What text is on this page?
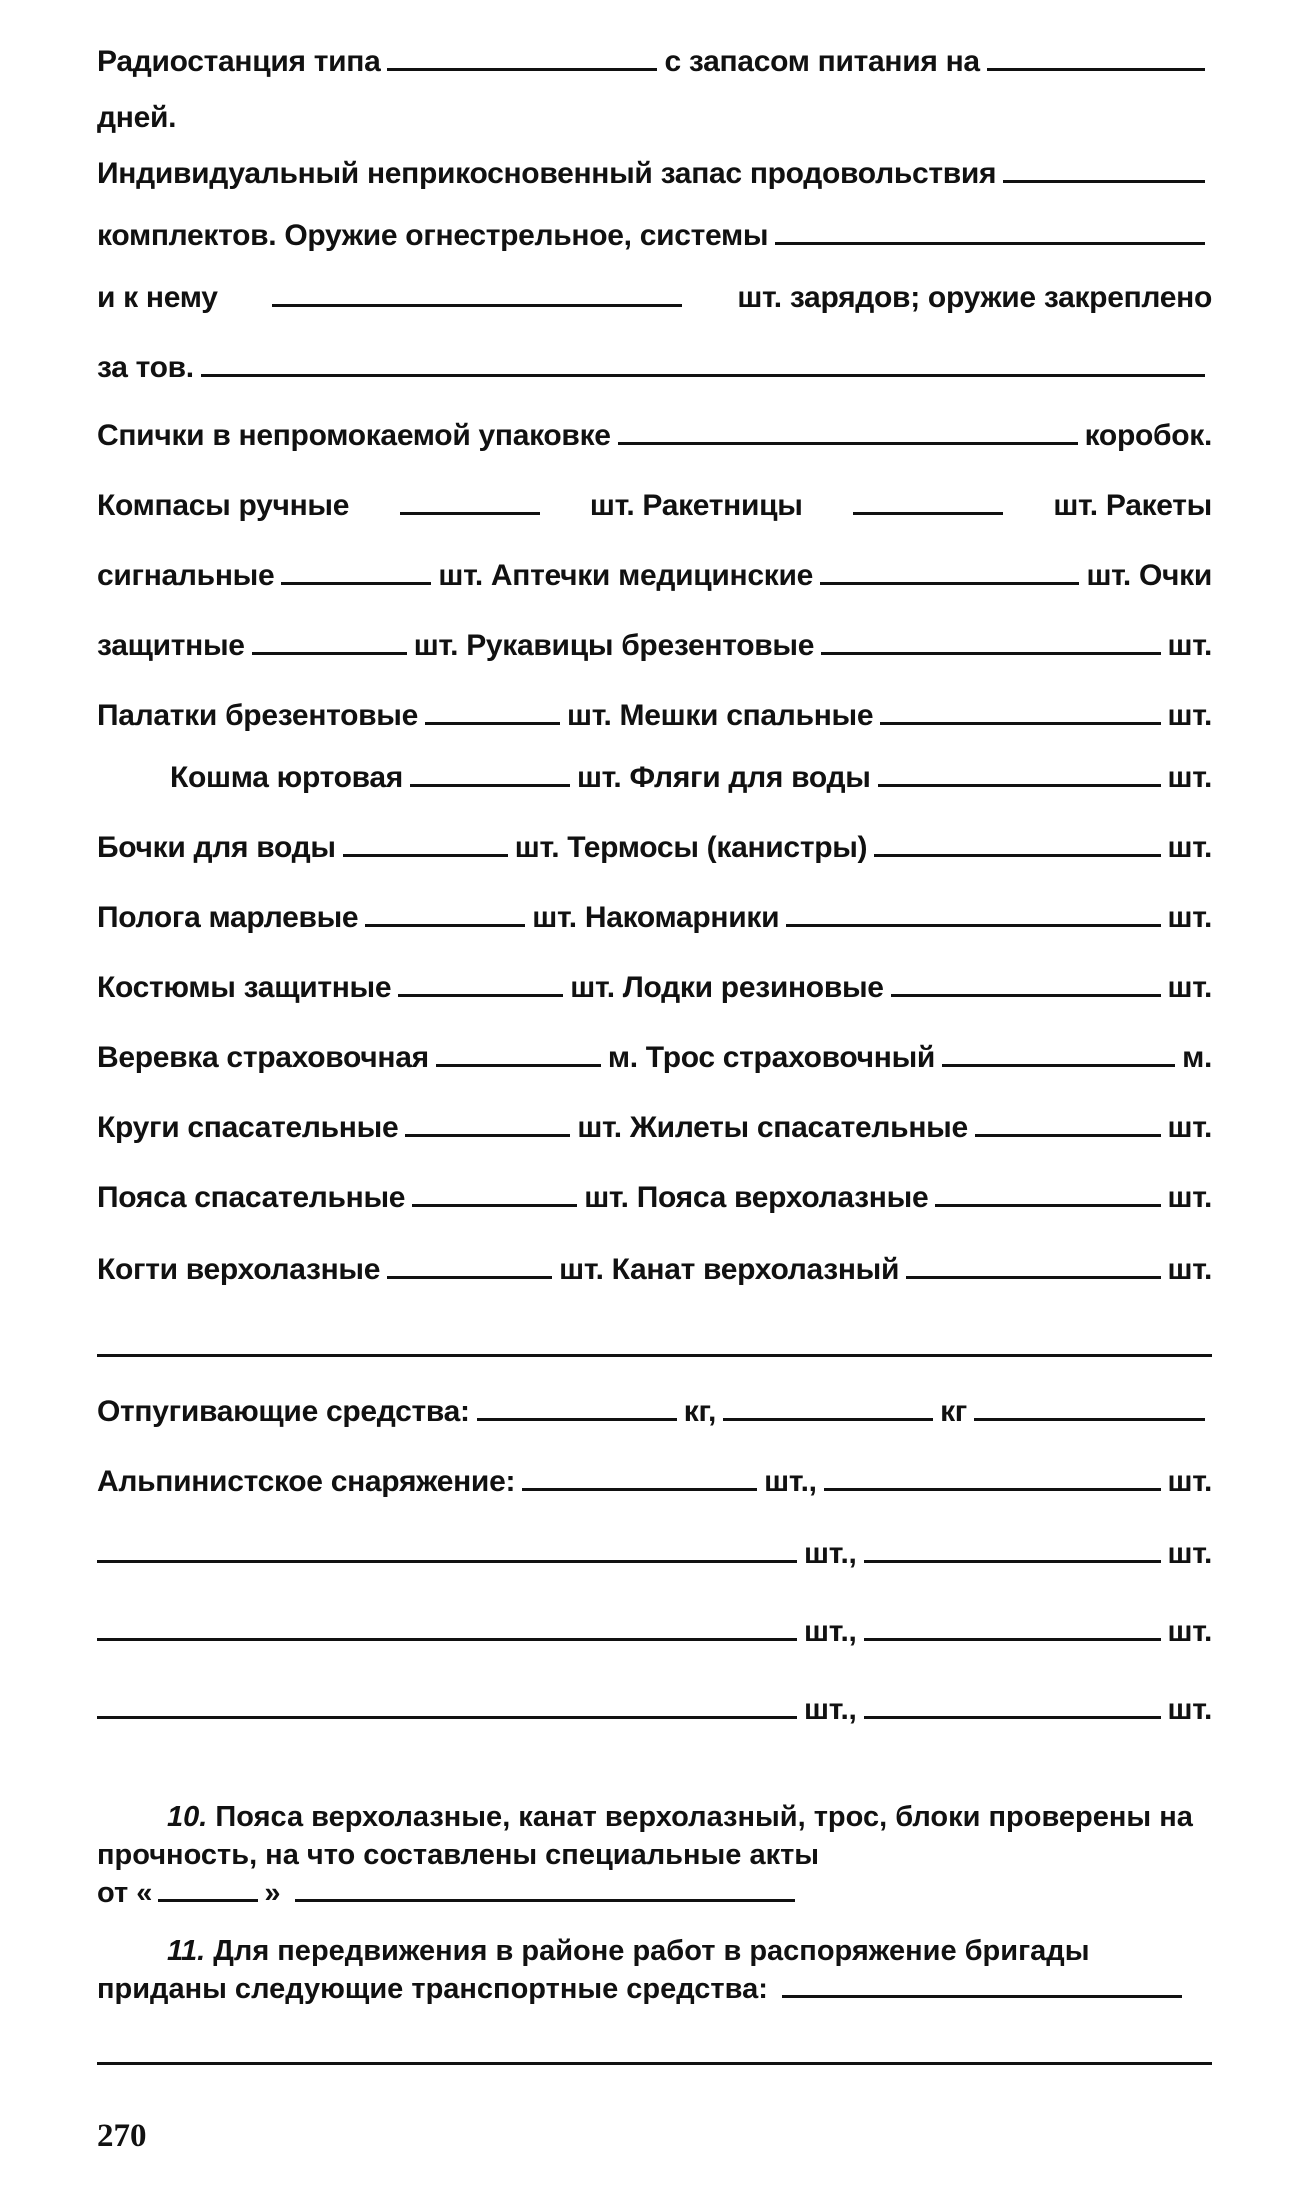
Радиостанция типа	с запасом питания на
дней.
Индивидуальный неприкосновенный запас продовольствия
комплектов. Оружие огнестрельное, системы
и к нему	шт. зарядов; оружие закреплено
за тов.
Спички в непромокаемой упаковке	коробок.
Компасы ручные	шт. Ракетницы	шт. Ракеты
сигнальные	шт. Аптечки медицинские	шт. Очки
защитные	шт. Рукавицы брезентовые	шт.
Палатки брезентовые	шт. Мешки спальные	шт.
Кошма юртовая	шт. Фляги для воды	шт.
Бочки для воды	шт. Термосы (канистры)	шт.
Полога марлевые	шт. Накомарники	шт.
Костюмы защитные	шт. Лодки резиновые	шт.
Веревка страховочная	м. Трос страховочный	м.
Круги спасательные	шт. Жилеты спасательные	шт.
Пояса спасательные	шт. Пояса верхолазные	шт.
Когти верхолазные	шт. Канат верхолазный	шт.
Отпугивающие средства:	кг,	кг
Альпинистское снаряжение:	шт.,	шт.
шт.,	шт.
шт.,	шт.
шт.,	шт.
10. Пояса верхолазные, канат верхолазный, трос, блоки проверены на прочность, на что составлены специальные акты
от «	»
11. Для передвижения в районе работ в распоряжение бригады приданы следующие транспортные средства:
270
